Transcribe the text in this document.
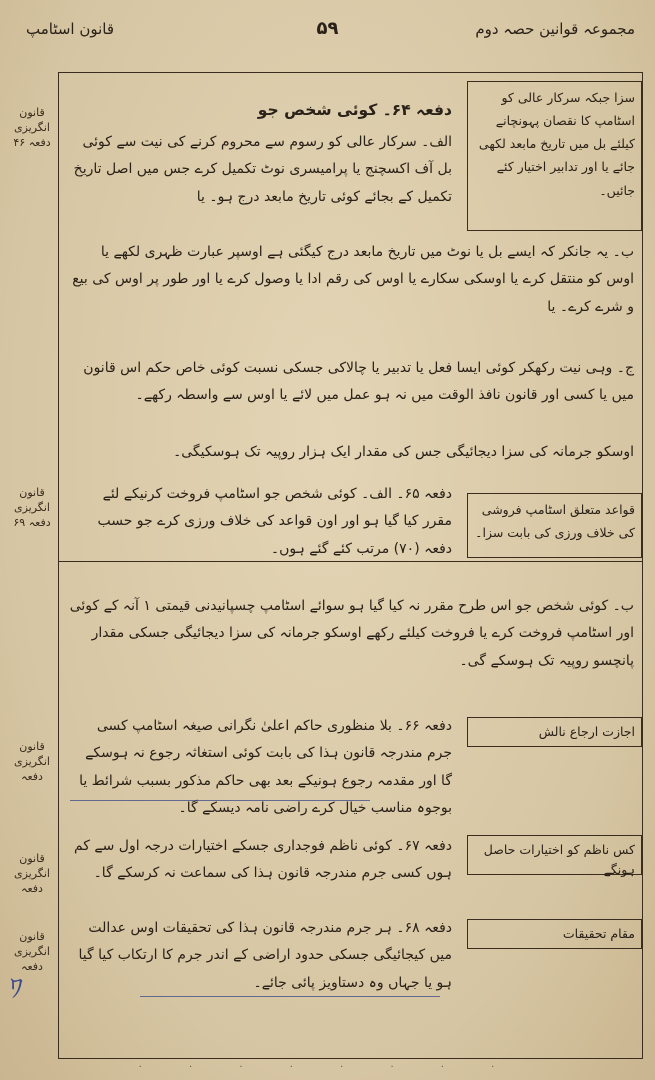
مجموعہ قوانین حصہ دوم
۵۹
قانون اسٹامپ
قانون انگریزی دفعہ ۴۶
قانون انگریزی دفعہ ۶۹
قانون انگریزی دفعہ
قانون انگریزی دفعہ
قانون انگریزی دفعہ
سزا جبکہ سرکار عالی کو اسٹامپ کا نقصان پہونچانے کیلئے بل میں تاریخ مابعد لکھی جائے یا اور تدابیر اختیار کئے جائیں۔
قواعد متعلق اسٹامپ فروشی کی خلاف ورزی کی بابت سزا۔
اجازت ارجاع نالش
کس ناظم کو اختیارات حاصل ہونگے
مقام تحقیقات
دفعہ ۶۴۔ کوئی شخص جو
الف۔ سرکار عالی کو رسوم سے محروم کرنے کی نیت سے کوئی بل آف اکسچنج یا پرامیسری نوٹ تکمیل کرے جس میں اصل تاریخ تکمیل کے بجائے کوئی تاریخ مابعد درج ہو۔ یا
ب۔ یہ جانکر کہ ایسے بل یا نوٹ میں تاریخ مابعد درج کیگئی ہے اوسپر عبارت ظہری لکھے یا اوس کو منتقل کرے یا اوسکی سکارے یا اوس کی رقم ادا یا وصول کرے یا اور طور پر اوس کی بیع و شرے کرے۔ یا
ج۔ وہی نیت رکھکر کوئی ایسا فعل یا تدبیر یا چالاکی جسکی نسبت کوئی خاص حکم اس قانون میں یا کسی اور قانون نافذ الوقت میں نہ ہو عمل میں لائے یا اوس سے واسطہ رکھے۔
اوسکو جرمانہ کی سزا دیجائیگی جس کی مقدار ایک ہزار روپیہ تک ہوسکیگی۔
دفعہ ۶۵۔ الف۔ کوئی شخص جو اسٹامپ فروخت کرنیکے لئے مقرر کیا گیا ہو اور اون قواعد کی خلاف ورزی کرے جو حسب دفعہ (۷۰) مرتب کئے گئے ہوں۔
ب۔ کوئی شخص جو اس طرح مقرر نہ کیا گیا ہو سوائے اسٹامپ چسپانیدنی قیمتی ۱ آنہ کے کوئی اور اسٹامپ فروخت کرے یا فروخت کیلئے رکھے اوسکو جرمانہ کی سزا دیجائیگی جسکی مقدار پانچسو روپیہ تک ہوسکے گی۔
دفعہ ۶۶۔ بلا منظوری حاکم اعلیٰ نگرانی صیغہ اسٹامپ کسی جرم مندرجہ قانون ہذا کی بابت کوئی استغاثہ رجوع نہ ہوسکے گا اور مقدمہ رجوع ہونیکے بعد بھی حاکم مذکور بسبب شرائط یا بوجوہ مناسب خیال کرے راضی نامہ دیسکے گا۔
دفعہ ۶۷۔ کوئی ناظم فوجداری جسکے اختیارات درجہ اول سے کم ہوں کسی جرم مندرجہ قانون ہذا کی سماعت نہ کرسکے گا۔
دفعہ ۶۸۔ ہر جرم مندرجہ قانون ہذا کی تحقیقات اوس عدالت میں کیجائیگی جسکی حدود اراضی کے اندر جرم کا ارتکاب کیا گیا ہو یا جہاں وہ دستاویز پائی جائے۔
ﾜ
. . . . . . . .
